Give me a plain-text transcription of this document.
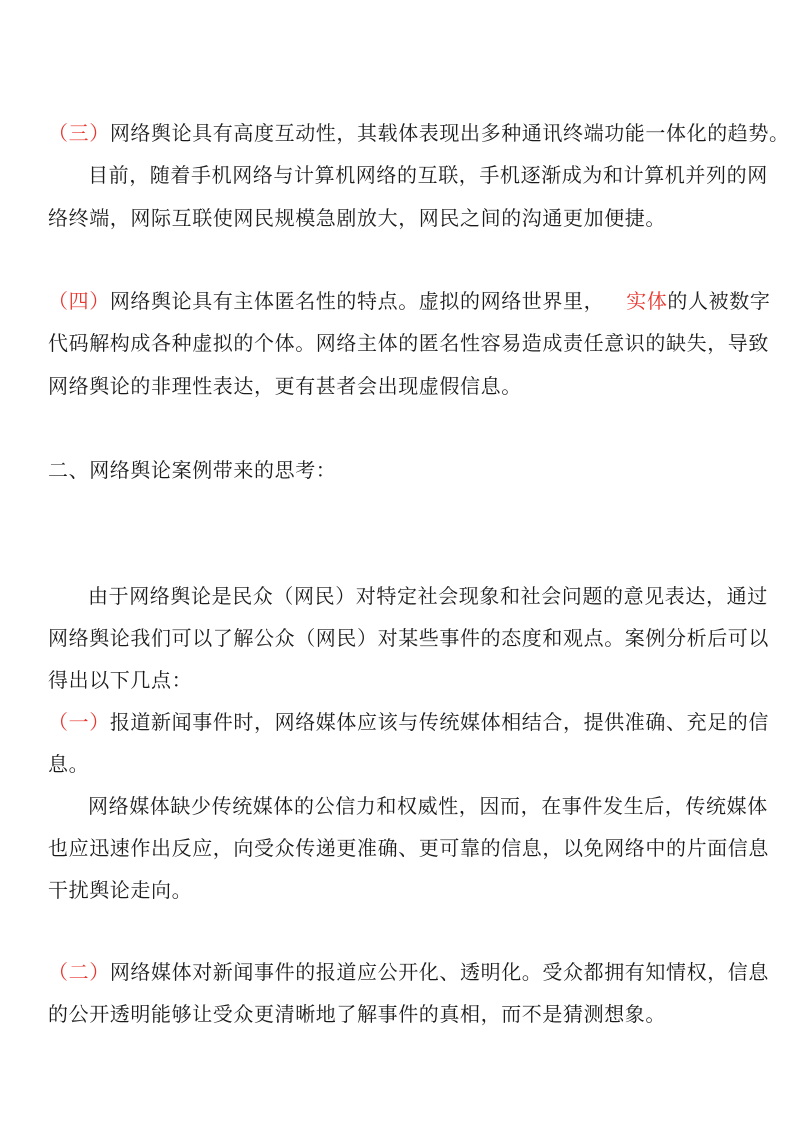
（三）网络舆论具有高度互动性，其载体表现出多种通讯终端功能一体化的趋势。
目前，随着手机网络与计算机网络的互联，手机逐渐成为和计算机并列的网
络终端，网际互联使网民规模急剧放大，网民之间的沟通更加便捷。
（四）网络舆论具有主体匿名性的特点。虚拟的网络世界里， 实体的人被数字
代码解构成各种虚拟的个体。网络主体的匿名性容易造成责任意识的缺失，导致
网络舆论的非理性表达，更有甚者会出现虚假信息。
二、网络舆论案例带来的思考：
由于网络舆论是民众（网民）对特定社会现象和社会问题的意见表达，通过
网络舆论我们可以了解公众（网民）对某些事件的态度和观点。案例分析后可以
得出以下几点：
（一）报道新闻事件时，网络媒体应该与传统媒体相结合，提供准确、充足的信
息。
网络媒体缺少传统媒体的公信力和权威性，因而，在事件发生后，传统媒体
也应迅速作出反应，向受众传递更准确、更可靠的信息，以免网络中的片面信息
干扰舆论走向。
（二）网络媒体对新闻事件的报道应公开化、透明化。受众都拥有知情权，信息
的公开透明能够让受众更清晰地了解事件的真相，而不是猜测想象。
